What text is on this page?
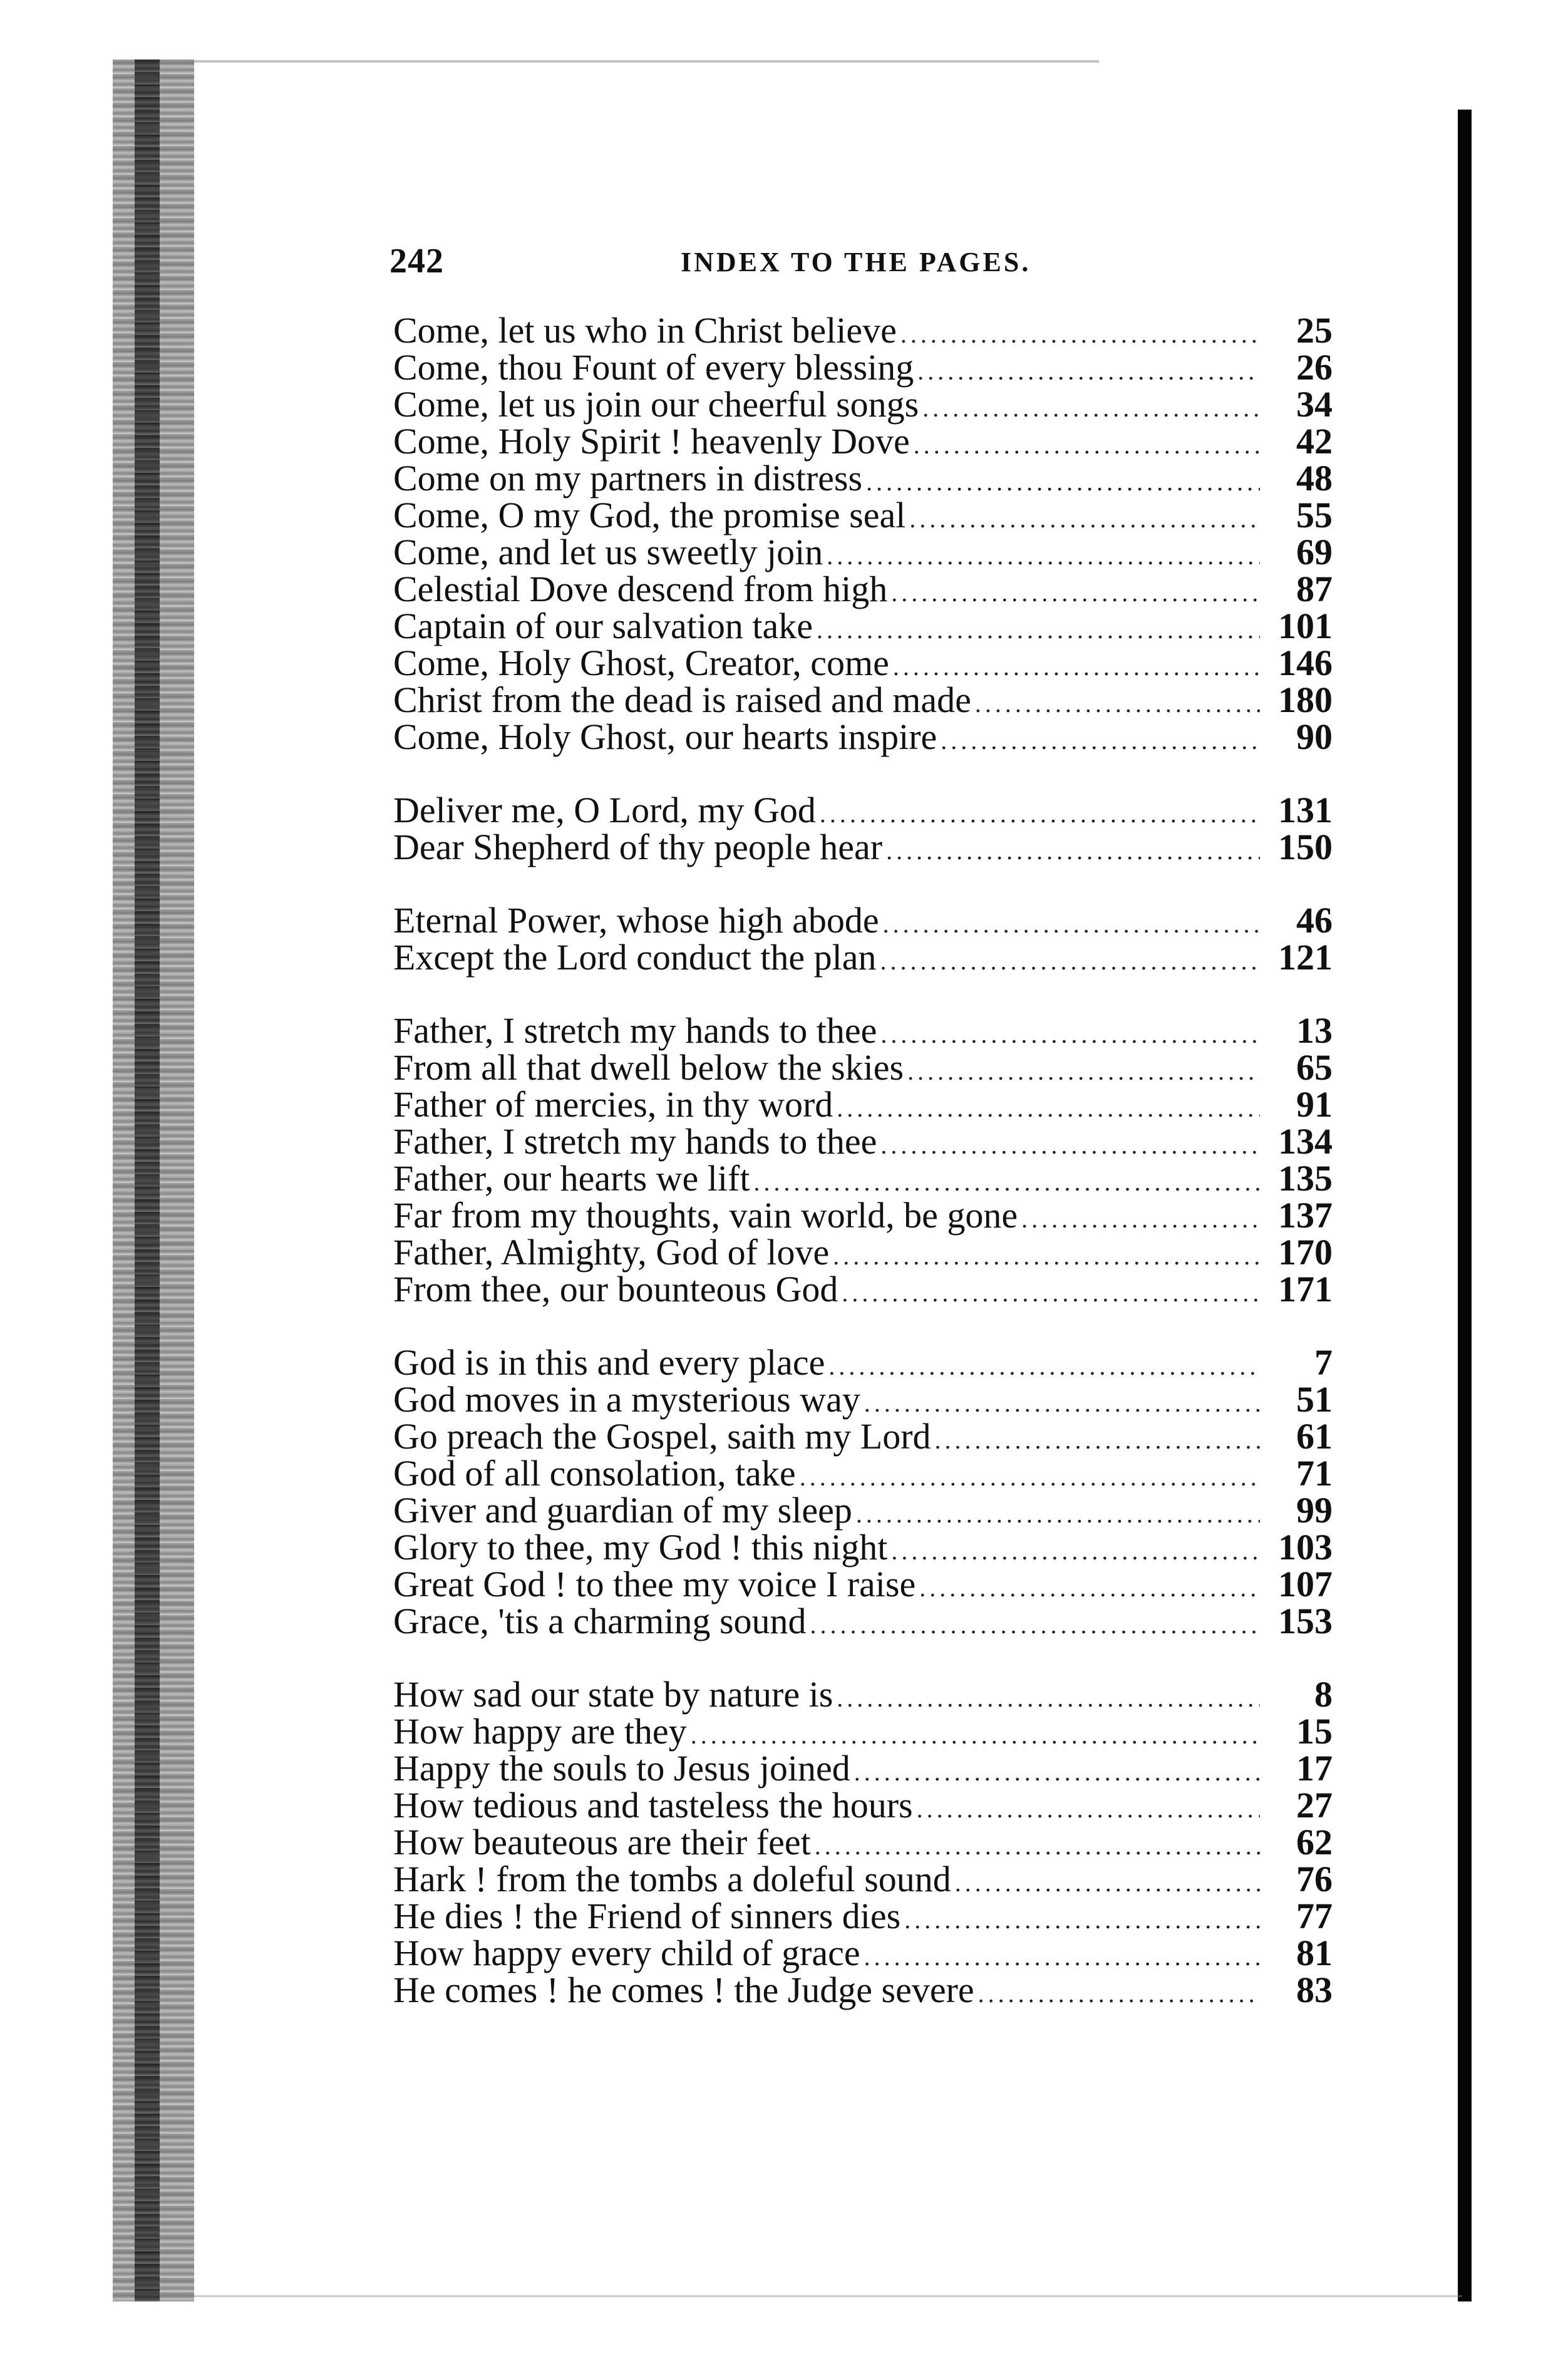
242	INDEX TO THE PAGES.
Come, let us who in Christ believe .....	25
Come, thou Fount of every blessing .....	26
Come, let us join our cheerful songs .....	34
Come, Holy Spirit ! heavenly Dove .....	42
Come on my partners in distress .....	48
Come, O my God, the promise seal .....	55
Come, and let us sweetly join .....	69
Celestial Dove descend from high .....	87
Captain of our salvation take .....	101
Come, Holy Ghost, Creator, come .....	146
Christ from the dead is raised and made .....	180
Come, Holy Ghost, our hearts inspire .....	90
Deliver me, O Lord, my God .....	131
Dear Shepherd of thy people hear .....	150
Eternal Power, whose high abode .....	46
Except the Lord conduct the plan .....	121
Father, I stretch my hands to thee .....	13
From all that dwell below the skies .....	65
Father of mercies, in thy word .....	91
Father, I stretch my hands to thee .....	134
Father, our hearts we lift .....	135
Far from my thoughts, vain world, be gone .....	137
Father, Almighty, God of love .....	170
From thee, our bounteous God .....	171
God is in this and every place .....	7
God moves in a mysterious way .....	51
Go preach the Gospel, saith my Lord .....	61
God of all consolation, take .....	71
Giver and guardian of my sleep .....	99
Glory to thee, my God ! this night .....	103
Great God ! to thee my voice I raise .....	107
Grace, 'tis a charming sound .....	153
How sad our state by nature is .....	8
How happy are they .....	15
Happy the souls to Jesus joined .....	17
How tedious and tasteless the hours .....	27
How beauteous are their feet .....	62
Hark ! from the tombs a doleful sound .....	76
He dies ! the Friend of sinners dies .....	77
How happy every child of grace .....	81
He comes ! he comes ! the Judge severe .....	83
